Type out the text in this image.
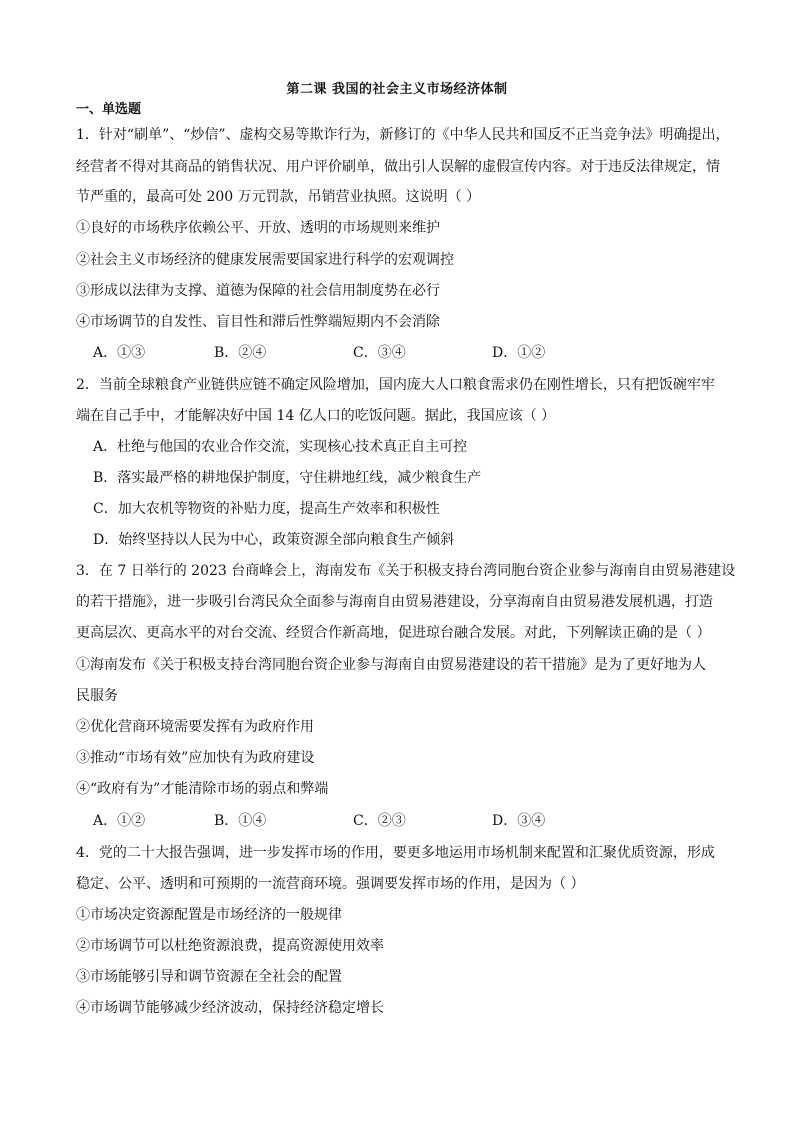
第二课 我国的社会主义市场经济体制
一、单选题
1．针对“刷单”、“炒信”、虚构交易等欺诈行为，新修订的《中华人民共和国反不正当竞争法》明确提出，
经营者不得对其商品的销售状况、用户评价刷单，做出引人误解的虚假宣传内容。对于违反法律规定，情
节严重的，最高可处 200 万元罚款，吊销营业执照。这说明（ ）
①良好的市场秩序依赖公平、开放、透明的市场规则来维护
②社会主义市场经济的健康发展需要国家进行科学的宏观调控
③形成以法律为支撑、道德为保障的社会信用制度势在必行
④市场调节的自发性、盲目性和滞后性弊端短期内不会消除
A．①③	B．②④	C．③④	D．①②
2．当前全球粮食产业链供应链不确定风险增加，国内庞大人口粮食需求仍在刚性增长，只有把饭碗牢牢
端在自己手中，才能解决好中国 14 亿人口的吃饭问题。据此，我国应该（ ）
A．杜绝与他国的农业合作交流，实现核心技术真正自主可控
B．落实最严格的耕地保护制度，守住耕地红线，减少粮食生产
C．加大农机等物资的补贴力度，提高生产效率和积极性
D．始终坚持以人民为中心，政策资源全部向粮食生产倾斜
3．在 7 日举行的 2023 台商峰会上，海南发布《关于积极支持台湾同胞台资企业参与海南自由贸易港建设
的若干措施》，进一步吸引台湾民众全面参与海南自由贸易港建设，分享海南自由贸易港发展机遇，打造
更高层次、更高水平的对台交流、经贸合作新高地，促进琼台融合发展。对此，下列解读正确的是（ ）
①海南发布《关于积极支持台湾同胞台资企业参与海南自由贸易港建设的若干措施》是为了更好地为人
民服务
②优化营商环境需要发挥有为政府作用
③推动“市场有效”应加快有为政府建设
④“政府有为”才能清除市场的弱点和弊端
A．①②	B．①④	C．②③	D．③④
4．党的二十大报告强调，进一步发挥市场的作用，要更多地运用市场机制来配置和汇聚优质资源，形成
稳定、公平、透明和可预期的一流营商环境。强调要发挥市场的作用，是因为（ ）
①市场决定资源配置是市场经济的一般规律
②市场调节可以杜绝资源浪费，提高资源使用效率
③市场能够引导和调节资源在全社会的配置
④市场调节能够减少经济波动，保持经济稳定增长
